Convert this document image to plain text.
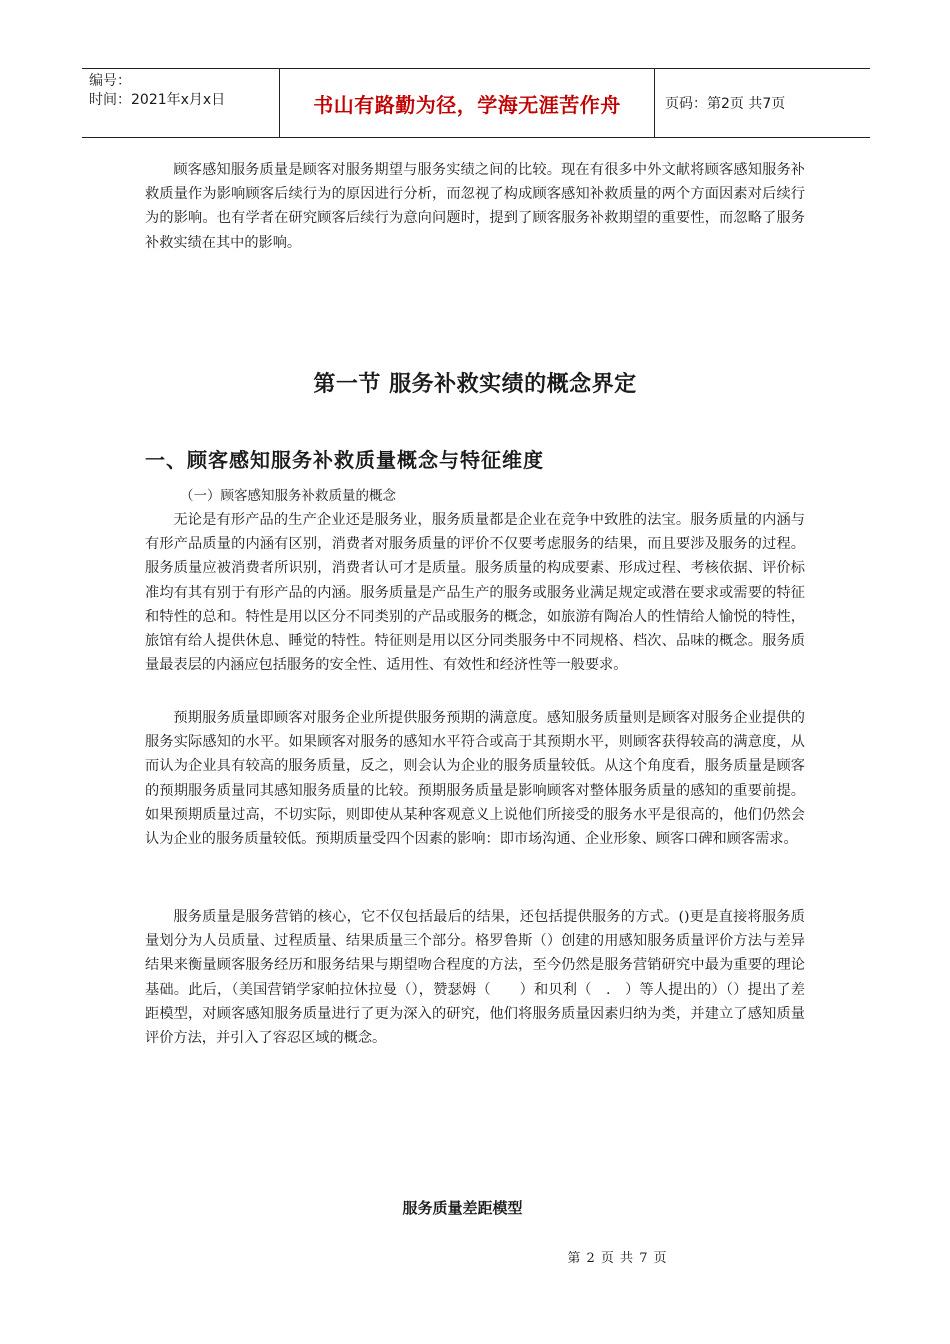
编号：
时间：2021年x月x日	书山有路勤为径，学海无涯苦作舟	页码：第2页 共7页

顾客感知服务质量是顾客对服务期望与服务实绩之间的比较。现在有很多中外文献将顾客感知服务补救质量作为影响顾客后续行为的原因进行分析，而忽视了构成顾客感知补救质量的两个方面因素对后续行为的影响。也有学者在研究顾客后续行为意向问题时，提到了顾客服务补救期望的重要性，而忽略了服务补救实绩在其中的影响。

第一节 服务补救实绩的概念界定
一、顾客感知服务补救质量概念与特征维度
（一）顾客感知服务补救质量的概念

无论是有形产品的生产企业还是服务业，服务质量都是企业在竞争中致胜的法宝。服务质量的内涵与有形产品质量的内涵有区别，消费者对服务质量的评价不仅要考虑服务的结果，而且要涉及服务的过程。服务质量应被消费者所识别，消费者认可才是质量。服务质量的构成要素、形成过程、考核依据、评价标准均有其有别于有形产品的内涵。服务质量是产品生产的服务或服务业满足规定或潜在要求或需要的特征和特性的总和。特性是用以区分不同类别的产品或服务的概念，如旅游有陶冶人的性情给人愉悦的特性，旅馆有给人提供休息、睡觉的特性。特征则是用以区分同类服务中不同规格、档次、品味的概念。服务质量最表层的内涵应包括服务的安全性、适用性、有效性和经济性等一般要求。

预期服务质量即顾客对服务企业所提供服务预期的满意度。感知服务质量则是顾客对服务企业提供的服务实际感知的水平。如果顾客对服务的感知水平符合或高于其预期水平，则顾客获得较高的满意度，从而认为企业具有较高的服务质量，反之，则会认为企业的服务质量较低。从这个角度看，服务质量是顾客的预期服务质量同其感知服务质量的比较。预期服务质量是影响顾客对整体服务质量的感知的重要前提。如果预期质量过高，不切实际，则即使从某种客观意义上说他们所接受的服务水平是很高的，他们仍然会认为企业的服务质量较低。预期质量受四个因素的影响：即市场沟通、企业形象、顾客口碑和顾客需求。

服务质量是服务营销的核心，它不仅包括最后的结果，还包括提供服务的方式。()更是直接将服务质量划分为人员质量、过程质量、结果质量三个部分。格罗鲁斯（）创建的用感知服务质量评价方法与差异结果来衡量顾客服务经历和服务结果与期望吻合程度的方法，至今仍然是服务营销研究中最为重要的理论基础。此后，（美国营销学家帕拉休拉曼（），赞瑟姆（　　）和贝利（　.　）等人提出的）（）提出了差距模型，对顾客感知服务质量进行了更为深入的研究，他们将服务质量因素归纳为类，并建立了感知质量评价方法，并引入了容忍区域的概念。

服务质量差距模型
第 2 页 共 7 页
